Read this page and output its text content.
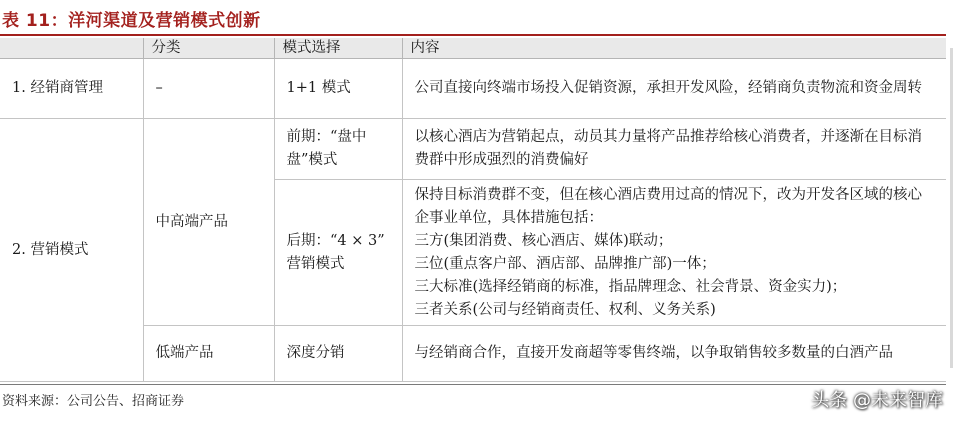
表 11：洋河渠道及营销模式创新
	分类	模式选择	内容
1. 经销商管理	–	1+1 模式	公司直接向终端市场投入促销资源，承担开发风险，经销商负责物流和资金周转
2. 营销模式	中高端产品	前期：“盘中盘”模式	以核心酒店为营销起点，动员其力量将产品推荐给核心消费者，并逐渐在目标消费群中形成强烈的消费偏好
		后期：“4 × 3” 营销模式	保持目标消费群不变，但在核心酒店费用过高的情况下，改为开发各区域的核心企事业单位，具体措施包括：
三方(集团消费、核心酒店、媒体)联动；
三位(重点客户部、酒店部、品牌推广部)一体；
三大标准(选择经销商的标准，指品牌理念、社会背景、资金实力)；
三者关系(公司与经销商责任、权利、义务关系)

	低端产品	深度分销	与经销商合作，直接开发商超等零售终端，以争取销售较多数量的白酒产品
资料来源：公司公告、招商证券	头条 @未来智库
